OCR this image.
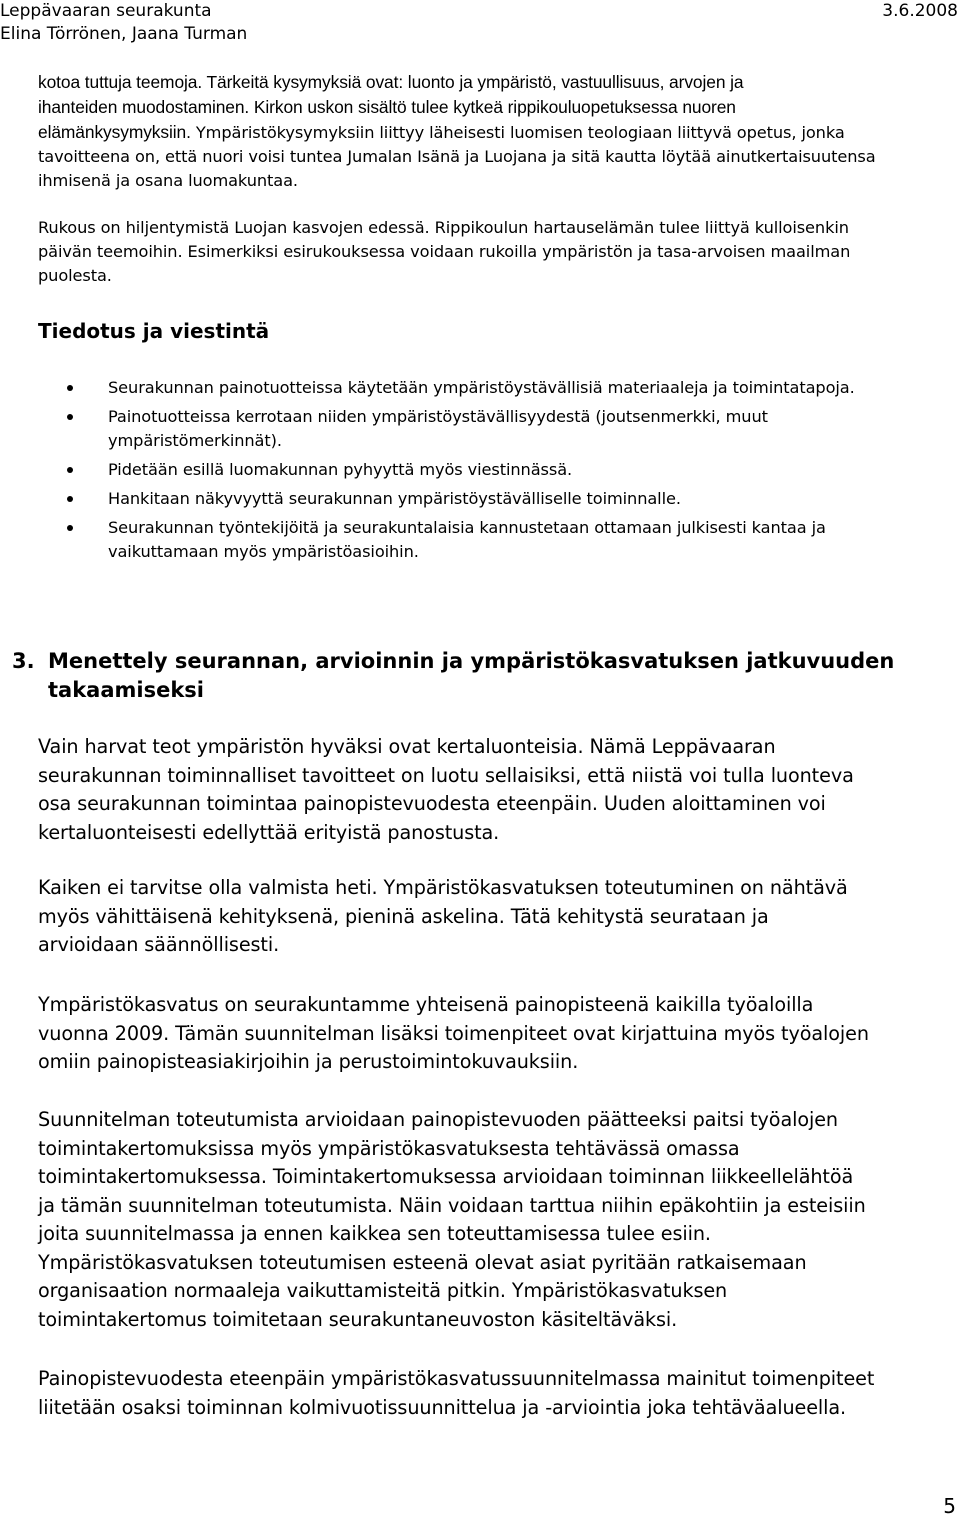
Leppävaaran seurakunta
Elina Törrönen, Jaana Turman
3.6.2008

kotoa tuttuja teemoja. Tärkeitä kysymyksiä ovat: luonto ja ympäristö, vastuullisuus, arvojen ja

ihanteiden muodostaminen. Kirkon uskon sisältö tulee kytkeä rippikouluopetuksessa nuoren

elämänkysymyksiin. Ympäristökysymyksiin liittyy läheisesti luomisen teologiaan liittyvä opetus, jonka

tavoitteena on, että nuori voisi tuntea Jumalan Isänä ja Luojana ja sitä kautta löytää ainutkertaisuutensa

ihmisenä ja osana luomakuntaa.

Rukous on hiljentymistä Luojan kasvojen edessä. Rippikoulun hartauselämän tulee liittyä kulloisenkin

päivän teemoihin. Esimerkiksi esirukouksessa voidaan rukoilla ympäristön ja tasa-arvoisen maailman

puolesta.

Tiedotus ja viestintä
Seurakunnan painotuotteissa käytetään ympäristöystävällisiä materiaaleja ja toimintatapoja.
Painotuotteissa kerrotaan niiden ympäristöystävällisyydestä (joutsenmerkki, muut
ympäristömerkinnät).
Pidetään esillä luomakunnan pyhyyttä myös viestinnässä.
Hankitaan näkyvyyttä seurakunnan ympäristöystävälliselle toiminnalle.
Seurakunnan työntekijöitä ja seurakuntalaisia kannustetaan ottamaan julkisesti kantaa ja
vaikuttamaan myös ympäristöasioihin.

3. Menettely seurannan, arvioinnin ja ympäristökasvatuksen jatkuvuuden

takaamiseksi

Vain harvat teot ympäristön hyväksi ovat kertaluonteisia. Nämä Leppävaaran

seurakunnan toiminnalliset tavoitteet on luotu sellaisiksi, että niistä voi tulla luonteva

osa seurakunnan toimintaa painopistevuodesta eteenpäin. Uuden aloittaminen voi

kertaluonteisesti edellyttää erityistä panostusta.

Kaiken ei tarvitse olla valmista heti. Ympäristökasvatuksen toteutuminen on nähtävä

myös vähittäisenä kehityksenä, pieninä askelina. Tätä kehitystä seurataan ja

arvioidaan säännöllisesti.

Ympäristökasvatus on seurakuntamme yhteisenä painopisteenä kaikilla työaloilla

vuonna 2009. Tämän suunnitelman lisäksi toimenpiteet ovat kirjattuina myös työalojen

omiin painopisteasiakirjoihin ja perustoimintokuvauksiin.

Suunnitelman toteutumista arvioidaan painopistevuoden päätteeksi paitsi työalojen

toimintakertomuksissa myös ympäristökasvatuksesta tehtävässä omassa

toimintakertomuksessa. Toimintakertomuksessa arvioidaan toiminnan liikkeellelähtöä

ja tämän suunnitelman toteutumista. Näin voidaan tarttua niihin epäkohtiin ja esteisiin

joita suunnitelmassa ja ennen kaikkea sen toteuttamisessa tulee esiin.

Ympäristökasvatuksen toteutumisen esteenä olevat asiat pyritään ratkaisemaan

organisaation normaaleja vaikuttamisteitä pitkin. Ympäristökasvatuksen

toimintakertomus toimitetaan seurakuntaneuvoston käsiteltäväksi.

Painopistevuodesta eteenpäin ympäristökasvatussuunnitelmassa mainitut toimenpiteet

liitetään osaksi toiminnan kolmivuotissuunnittelua ja -arviointia joka tehtäväalueella.

5
